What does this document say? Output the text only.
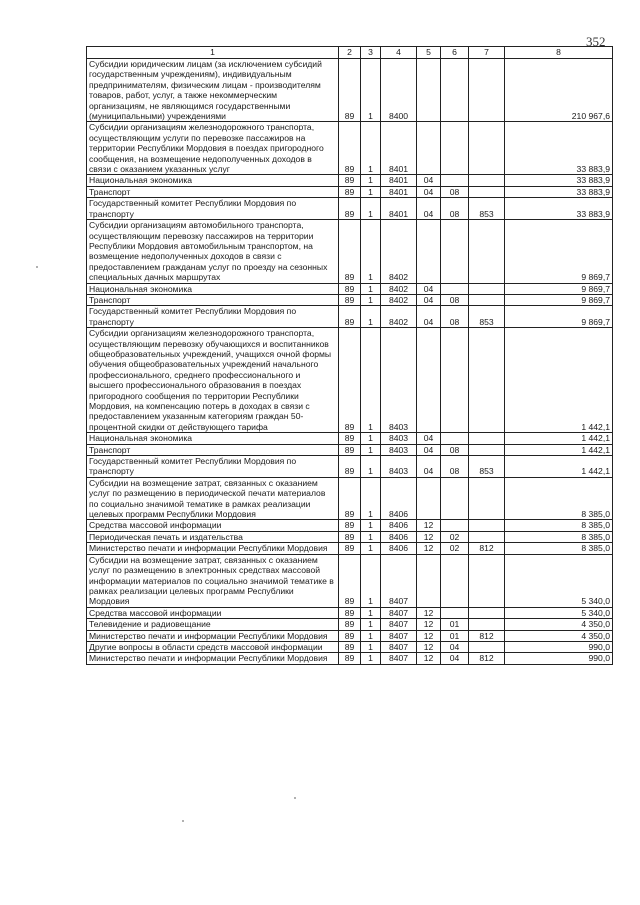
352
1	2	3	4	5	6	7	8
Субсидии юридическим лицам (за исключением субсидий государственным учреждениям), индивидуальным предпринимателям, физическим лицам - производителям товаров, работ, услуг, а также некоммерческим организациям, не являющимся государственными (муниципальными) учреждениями	89	1	8400				210 967,6
Субсидии организациям железнодорожного транспорта, осуществляющим услуги по перевозке пассажиров на территории Республики Мордовия в поездах пригородного сообщения, на возмещение недополученных доходов в связи с оказанием указанных услуг	89	1	8401				33 883,9
Национальная экономика	89	1	8401	04			33 883,9
Транспорт	89	1	8401	04	08		33 883,9
Государственный комитет Республики Мордовия по транспорту	89	1	8401	04	08	853	33 883,9
Субсидии организациям автомобильного транспорта, осуществляющим перевозку пассажиров на территории Республики Мордовия автомобильным транспортом, на возмещение недополученных доходов в связи с предоставлением гражданам услуг по проезду на сезонных специальных дачных маршрутах	89	1	8402				9 869,7
Национальная экономика	89	1	8402	04			9 869,7
Транспорт	89	1	8402	04	08		9 869,7
Государственный комитет Республики Мордовия по транспорту	89	1	8402	04	08	853	9 869,7
Субсидии организациям железнодорожного транспорта, осуществляющим перевозку обучающихся и воспитанников общеобразовательных учреждений, учащихся очной формы обучения общеобразовательных учреждений начального профессионального, среднего профессионального и высшего профессионального образования в поездах пригородного сообщения по территории Республики Мордовия, на компенсацию потерь в доходах в связи с предоставлением указанным категориям граждан 50-процентной скидки от действующего тарифа	89	1	8403				1 442,1
Национальная экономика	89	1	8403	04			1 442,1
Транспорт	89	1	8403	04	08		1 442,1
Государственный комитет Республики Мордовия по транспорту	89	1	8403	04	08	853	1 442,1
Субсидии на возмещение затрат, связанных с оказанием услуг по размещению в периодической печати материалов по социально значимой тематике в рамках реализации целевых программ Республики Мордовия	89	1	8406				8 385,0
Средства массовой информации	89	1	8406	12			8 385,0
Периодическая печать и издательства	89	1	8406	12	02		8 385,0
Министерство печати и информации Республики Мордовия	89	1	8406	12	02	812	8 385,0
Субсидии на возмещение затрат, связанных с оказанием услуг по размещению в электронных средствах массовой информации материалов по социально значимой тематике в рамках реализации целевых программ Республики Мордовия	89	1	8407				5 340,0
Средства массовой информации	89	1	8407	12			5 340,0
Телевидение и радиовещание	89	1	8407	12	01		4 350,0
Министерство печати и информации Республики Мордовия	89	1	8407	12	01	812	4 350,0
Другие вопросы в области средств массовой информации	89	1	8407	12	04		990,0
Министерство печати и информации Республики Мордовия	89	1	8407	12	04	812	990,0
